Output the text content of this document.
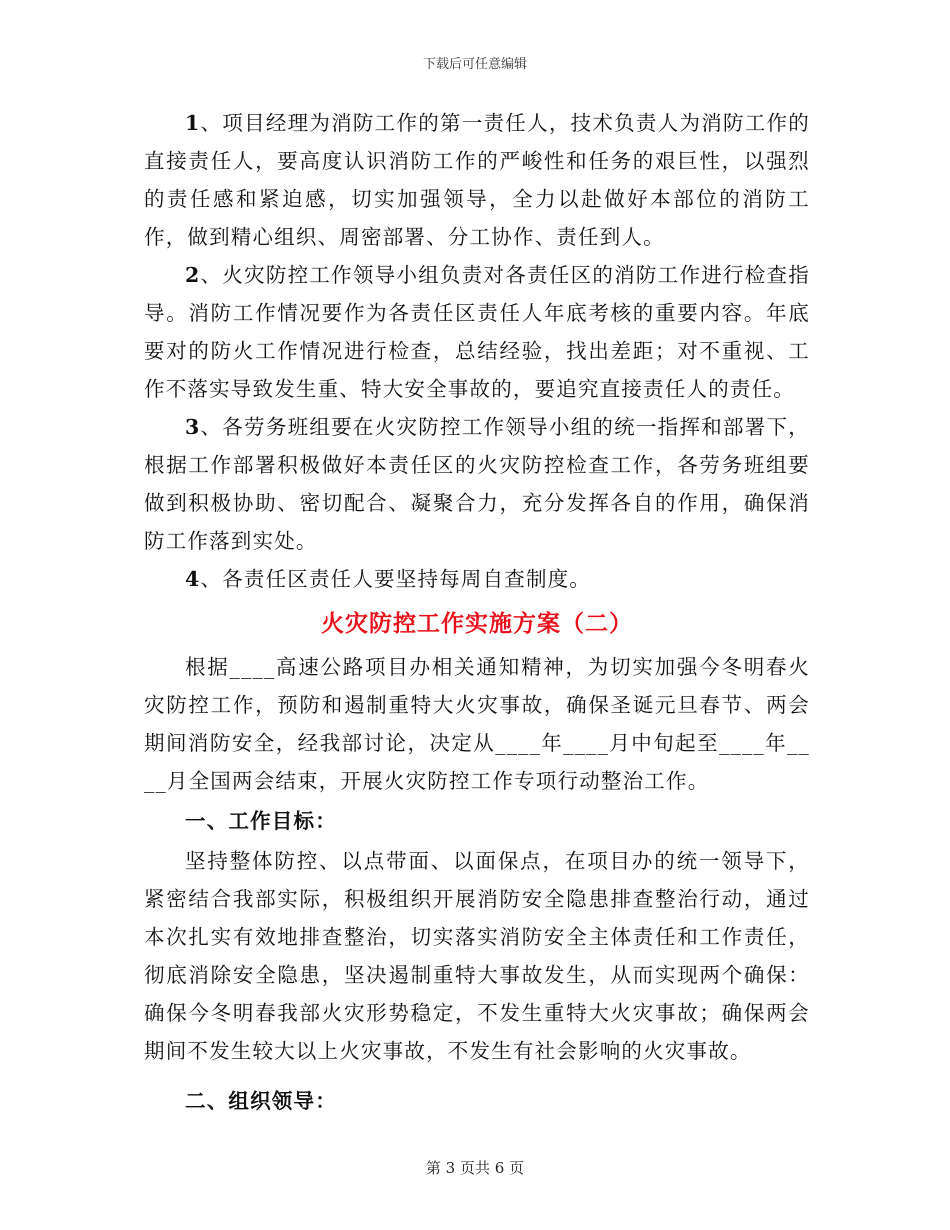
下载后可任意编辑

1、项目经理为消防工作的第一责任人，技术负责人为消防工作的直接责任人，要高度认识消防工作的严峻性和任务的艰巨性，以强烈的责任感和紧迫感，切实加强领导，全力以赴做好本部位的消防工作，做到精心组织、周密部署、分工协作、责任到人。

2、火灾防控工作领导小组负责对各责任区的消防工作进行检查指导。消防工作情况要作为各责任区责任人年底考核的重要内容。年底要对的防火工作情况进行检查，总结经验，找出差距；对不重视、工作不落实导致发生重、特大安全事故的，要追究直接责任人的责任。

3、各劳务班组要在火灾防控工作领导小组的统一指挥和部署下，根据工作部署积极做好本责任区的火灾防控检查工作，各劳务班组要做到积极协助、密切配合、凝聚合力，充分发挥各自的作用，确保消防工作落到实处。

4、各责任区责任人要坚持每周自查制度。

火灾防控工作实施方案（二）

根据____高速公路项目办相关通知精神，为切实加强今冬明春火灾防控工作，预防和遏制重特大火灾事故，确保圣诞元旦春节、两会期间消防安全，经我部讨论，决定从____年____月中旬起至____年____月全国两会结束，开展火灾防控工作专项行动整治工作。

一、工作目标：

坚持整体防控、以点带面、以面保点，在项目办的统一领导下，紧密结合我部实际，积极组织开展消防安全隐患排查整治行动，通过本次扎实有效地排查整治，切实落实消防安全主体责任和工作责任，彻底消除安全隐患，坚决遏制重特大事故发生，从而实现两个确保：确保今冬明春我部火灾形势稳定，不发生重特大火灾事故；确保两会期间不发生较大以上火灾事故，不发生有社会影响的火灾事故。

二、组织领导：
第 3 页共 6 页
